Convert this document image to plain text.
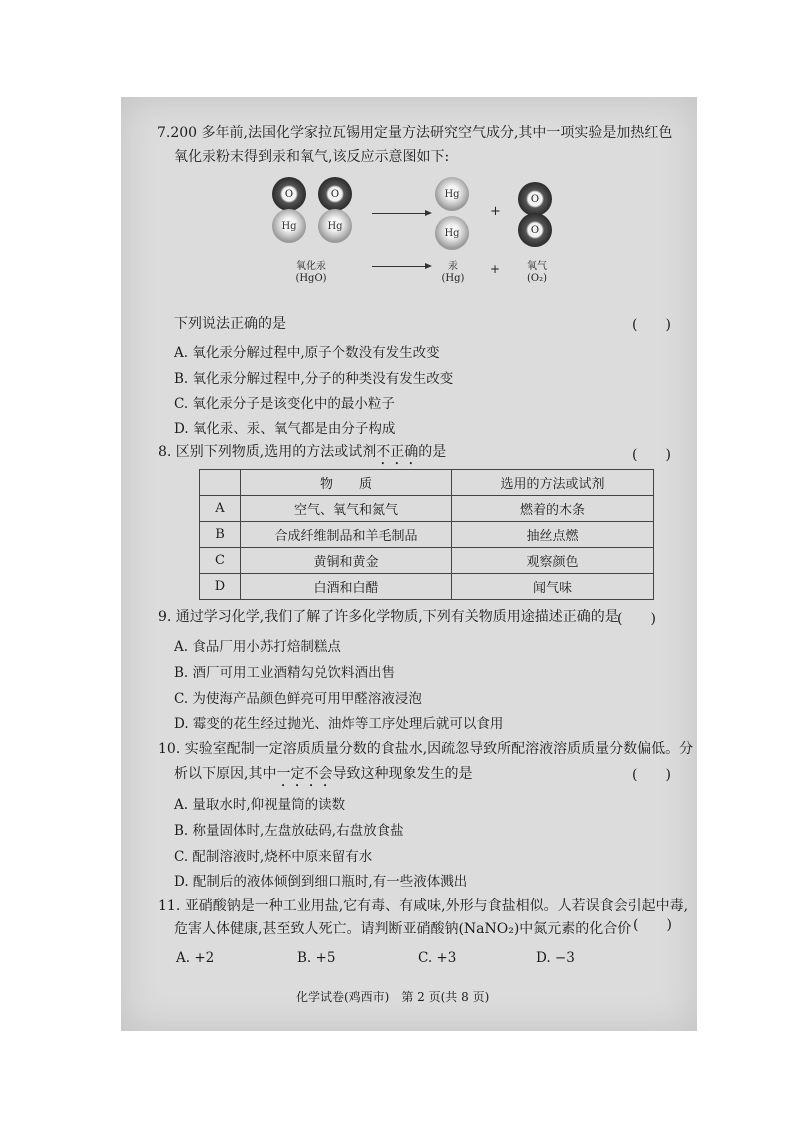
7.200 多年前,法国化学家拉瓦锡用定量方法研究空气成分,其中一项实验是加热红色
氧化汞粉末得到汞和氧气,该反应示意图如下:
O
Hg
O
Hg
Hg
Hg
+
O
O
氧化汞
(HgO)
汞
(Hg)
+	氧气
(O₂)
下列说法正确的是	(　　)
A. 氧化汞分解过程中,原子个数没有发生改变
B. 氧化汞分解过程中,分子的种类没有发生改变
C. 氧化汞分子是该变化中的最小粒子
D. 氧化汞、汞、氧气都是由分子构成
8. 区别下列物质,选用的方法或试剂不正确的是	(　　)
	物　　质	选用的方法或试剂
A	空气、氧气和氮气	燃着的木条
B	合成纤维制品和羊毛制品	抽丝点燃
C	黄铜和黄金	观察颜色
D	白酒和白醋	闻气味
9. 通过学习化学,我们了解了许多化学物质,下列有关物质用途描述正确的是
(　　)
A. 食品厂用小苏打焙制糕点
B. 酒厂可用工业酒精勾兑饮料酒出售
C. 为使海产品颜色鲜亮可用甲醛溶液浸泡
D. 霉变的花生经过抛光、油炸等工序处理后就可以食用
10. 实验室配制一定溶质质量分数的食盐水,因疏忽导致所配溶液溶质质量分数偏低。分
析以下原因,其中一定不会导致这种现象发生的是	(　　)
A. 量取水时,仰视量筒的读数
B. 称量固体时,左盘放砝码,右盘放食盐
C. 配制溶液时,烧杯中原来留有水
D. 配制后的液体倾倒到细口瓶时,有一些液体溅出
11. 亚硝酸钠是一种工业用盐,它有毒、有咸味,外形与食盐相似。人若误食会引起中毒,
危害人体健康,甚至致人死亡。请判断亚硝酸钠(NaNO₂)中氮元素的化合价 (　　)
A. +2	B. +5	C. +3	D. −3
化学试卷(鸡西市)　第 2 页(共 8 页)
